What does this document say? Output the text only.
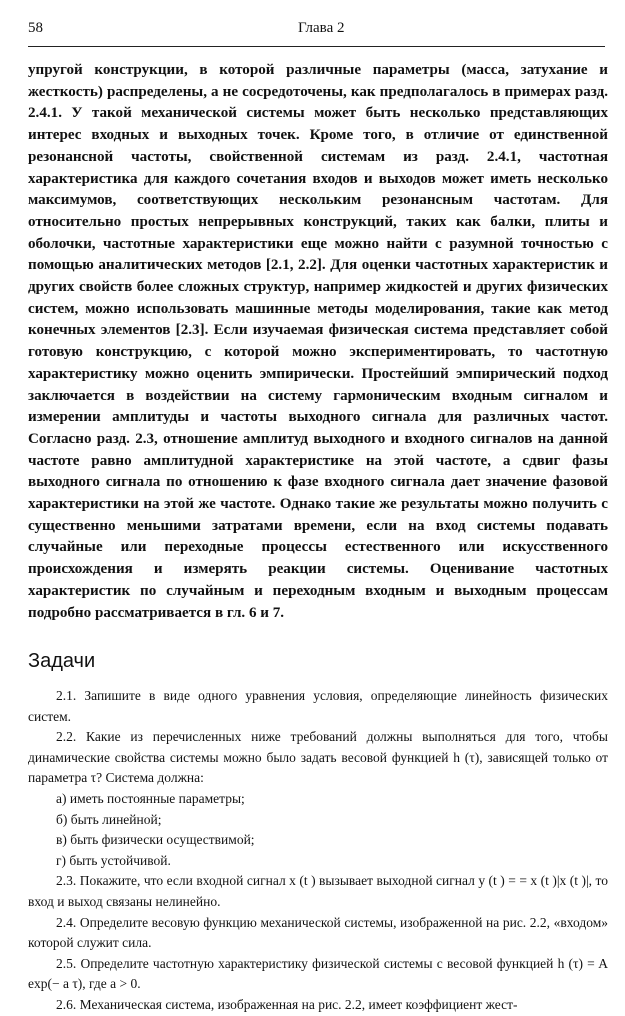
58	Глава 2

упругой конструкции, в которой различные параметры (масса, затухание и жесткость) распределены, а не сосредоточены, как предполагалось в примерах разд. 2.4.1. У такой механической системы может быть несколько представляющих интерес входных и выходных точек. Кроме того, в отличие от единственной резонансной частоты, свойственной системам из разд. 2.4.1, частотная характеристика для каждого сочетания входов и выходов может иметь несколько максимумов, соответствующих нескольким резонансным частотам. Для относительно простых непрерывных конструкций, таких как балки, плиты и оболочки, частотные характеристики еще можно найти с разумной точностью с помощью аналитических методов [2.1, 2.2]. Для оценки частотных характеристик и других свойств более сложных структур, например жидкостей и других физических систем, можно использовать машинные методы моделирования, такие как метод конечных элементов [2.3]. Если изучаемая физическая система представляет собой готовую конструкцию, с которой можно экспериментировать, то частотную характеристику можно оценить эмпирически. Простейший эмпирический подход заключается в воздействии на систему гармоническим входным сигналом и измерении амплитуды и частоты выходного сигнала для различных частот. Согласно разд. 2.3, отношение амплитуд выходного и входного сигналов на данной частоте равно амплитудной характеристике на этой частоте, а сдвиг фазы выходного сигнала по отношению к фазе входного сигнала дает значение фазовой характеристики на этой же частоте. Однако такие же результаты можно получить с существенно меньшими затратами времени, если на вход системы подавать случайные или переходные процессы естественного или искусственного происхождения и измерять реакции системы. Оценивание частотных характеристик по случайным и переходным входным и выходным процессам подробно рассматривается в гл. 6 и 7.

Задачи

2.1. Запишите в виде одного уравнения условия, определяющие линейность физических систем.

2.2. Какие из перечисленных ниже требований должны выполняться для того, чтобы динамические свойства системы можно было задать весовой функцией h (τ), зависящей только от параметра τ? Система должна:

а) иметь постоянные параметры;

б) быть линейной;

в) быть физически осуществимой;

г) быть устойчивой.

2.3. Покажите, что если входной сигнал x (t ) вызывает выходной сигнал y (t ) = = x (t )|x (t )|, то вход и выход связаны нелинейно.

2.4. Определите весовую функцию механической системы, изображенной на рис. 2.2, «входом» которой служит сила.

2.5. Определите частотную характеристику физической системы с весовой функцией h (τ) = A exp(− a τ), где a > 0.

2.6. Механическая система, изображенная на рис. 2.2, имеет коэффициент жест-
